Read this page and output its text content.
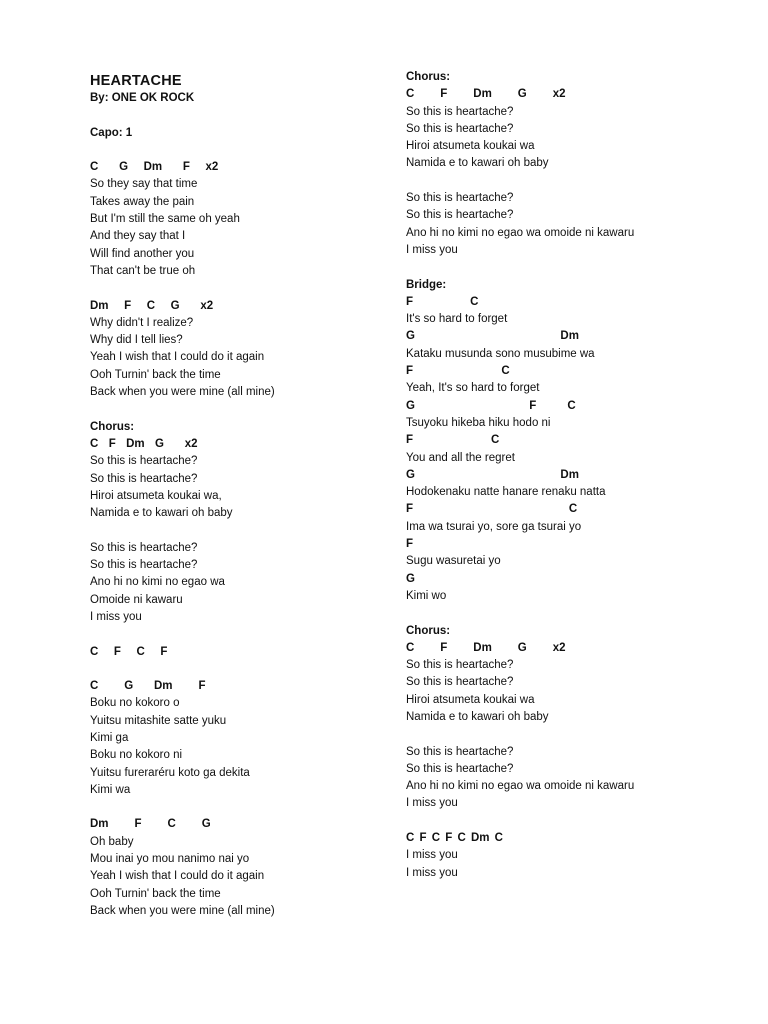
HEARTACHE
By: ONE OK ROCK
Capo: 1
C    G   Dm    F   x2
So they say that time
Takes away the pain
But I'm still the same oh yeah
And they say that I
Will find another you
That can't be true oh
Dm   F   C   G    x2
Why didn't I realize?
Why did I tell lies?
Yeah I wish that I could do it again
Ooh Turnin' back the time
Back when you were mine (all mine)
Chorus:
C  F  Dm  G    x2
So this is heartache?
So this is heartache?
Hiroi atsumeta koukai wa,
Namida e to kawari oh baby
So this is heartache?
So this is heartache?
Ano hi no kimi no egao wa
Omoide ni kawaru
I miss you
C   F   C   F
C     G    Dm     F
Boku no kokoro o
Yuitsu mitashite satte yuku
Kimi ga
Boku no kokoro ni
Yuitsu fureraréru koto ga dekita
Kimi wa
Dm     F     C     G
Oh baby
Mou inai yo mou nanimo nai yo
Yeah I wish that I could do it again
Ooh Turnin' back the time
Back when you were mine (all mine)
Chorus:
C     F     Dm     G     x2
So this is heartache?
So this is heartache?
Hiroi atsumeta koukai wa
Namida e to kawari oh baby
So this is heartache?
So this is heartache?
Ano hi no kimi no egao wa omoide ni kawaru
I miss you
Bridge:
F           C
It's so hard to forget
G                            Dm
Kataku musunda sono musubime wa
F                 C
Yeah, It's so hard to forget
G                      F      C
Tsuyoku hikeba hiku hodo ni
F               C
You and all the regret
G                            Dm
Hodokenaku natte hanare renaku natta
F                              C
Ima wa tsurai yo, sore ga tsurai yo
F
Sugu wasuretai yo
G
Kimi wo
Chorus:
C     F     Dm     G     x2
So this is heartache?
So this is heartache?
Hiroi atsumeta koukai wa
Namida e to kawari oh baby
So this is heartache?
So this is heartache?
Ano hi no kimi no egao wa omoide ni kawaru
I miss you
C F C F C Dm C
I miss you
I miss you
